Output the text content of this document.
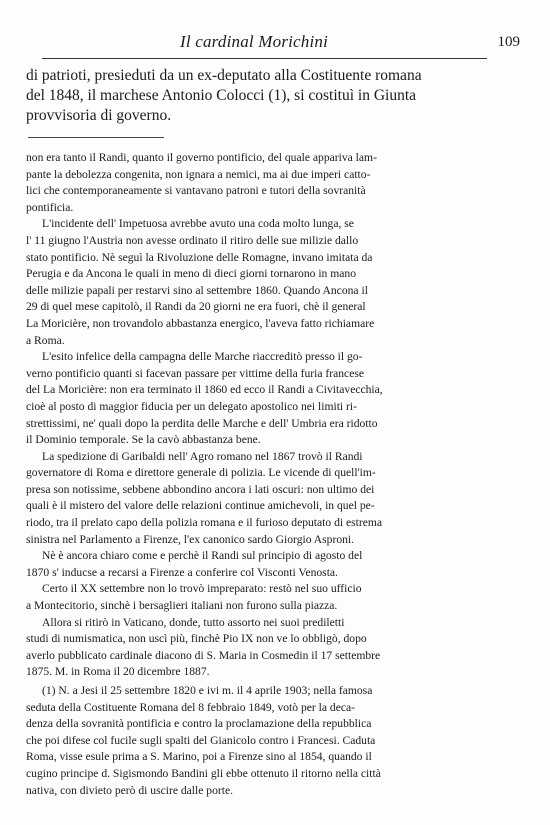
Il cardinal Morichini	109
di patrioti, presieduti da un ex-deputato alla Costituente romana
del 1848, il marchese Antonio Colocci (1), si costituì in Giunta
provvisoria di governo.

non era tanto il Randi, quanto il governo pontificio, del quale appariva lam-
pante la debolezza congenita, non ignara a nemici, ma ai due imperi catto-
lici che contemporaneamente si vantavano patroni e tutori della sovranità
pontificia.

L'incidente dell' Impetuosa avrebbe avuto una coda molto lunga, se
l' 11 giugno l'Austria non avesse ordinato il ritiro delle sue milizie dallo
stato pontificio. Nè seguì la Rivoluzione delle Romagne, invano imitata da
Perugia e da Ancona le quali in meno di dieci giorni tornarono in mano
delle milizie papali per restarvi sino al settembre 1860. Quando Ancona il
29 di quel mese capitolò, il Randi da 20 giorni ne era fuori, chè il general
La Moricière, non trovandolo abbastanza energico, l'aveva fatto richiamare
a Roma.

L'esito infelice della campagna delle Marche riaccreditò presso il go-
verno pontificio quanti si facevan passare per vittime della furia francese
del La Moricière: non era terminato il 1860 ed ecco il Randi a Civitavecchia,
cioè al posto di maggior fiducia per un delegato apostolico nei limiti ri-
strettissimi, ne' quali dopo la perdita delle Marche e dell' Umbria era ridotto
il Dominio temporale. Se la cavò abbastanza bene.

La spedizione di Garibaldi nell' Agro romano nel 1867 trovò il Randi
governatore di Roma e direttore generale di polizia. Le vicende di quell'im-
presa son notissime, sebbene abbondino ancora i lati oscuri: non ultimo dei
quali è il mistero del valore delle relazioni continue amichevoli, in quel pe-
riodo, tra il prelato capo della polizia romana e il furioso deputato di estrema
sinistra nel Parlamento a Firenze, l'ex canonico sardo Giorgio Asproni.

Nè è ancora chiaro come e perchè il Randi sul principio di agosto del
1870 s' inducse a recarsi a Firenze a conferire col Visconti Venosta.

Certo il XX settembre non lo trovò impreparato: restò nel suo ufficio
a Montecitorio, sinchè i bersaglieri italiani non furono sulla piazza.

Allora si ritirò in Vaticano, donde, tutto assorto nei suoi prediletti
studi di numismatica, non uscì più, finchè Pio IX non ve lo obbligò, dopo
averlo pubblicato cardinale diacono di S. Maria in Cosmedin il 17 settembre
1875. M. in Roma il 20 dicembre 1887.

(1) N. a Jesi il 25 settembre 1820 e ivi m. il 4 aprile 1903; nella famosa
seduta della Costituente Romana del 8 febbraio 1849, votò per la deca-
denza della sovranità pontificia e contro la proclamazione della repubblica
che poi difese col fucile sugli spalti del Gianicolo contro i Francesi. Caduta
Roma, visse esule prima a S. Marino, poi a Firenze sino al 1854, quando il
cugino principe d. Sigismondo Bandini gli ebbe ottenuto il ritorno nella città
nativa, con divieto però di uscire dalle porte.
